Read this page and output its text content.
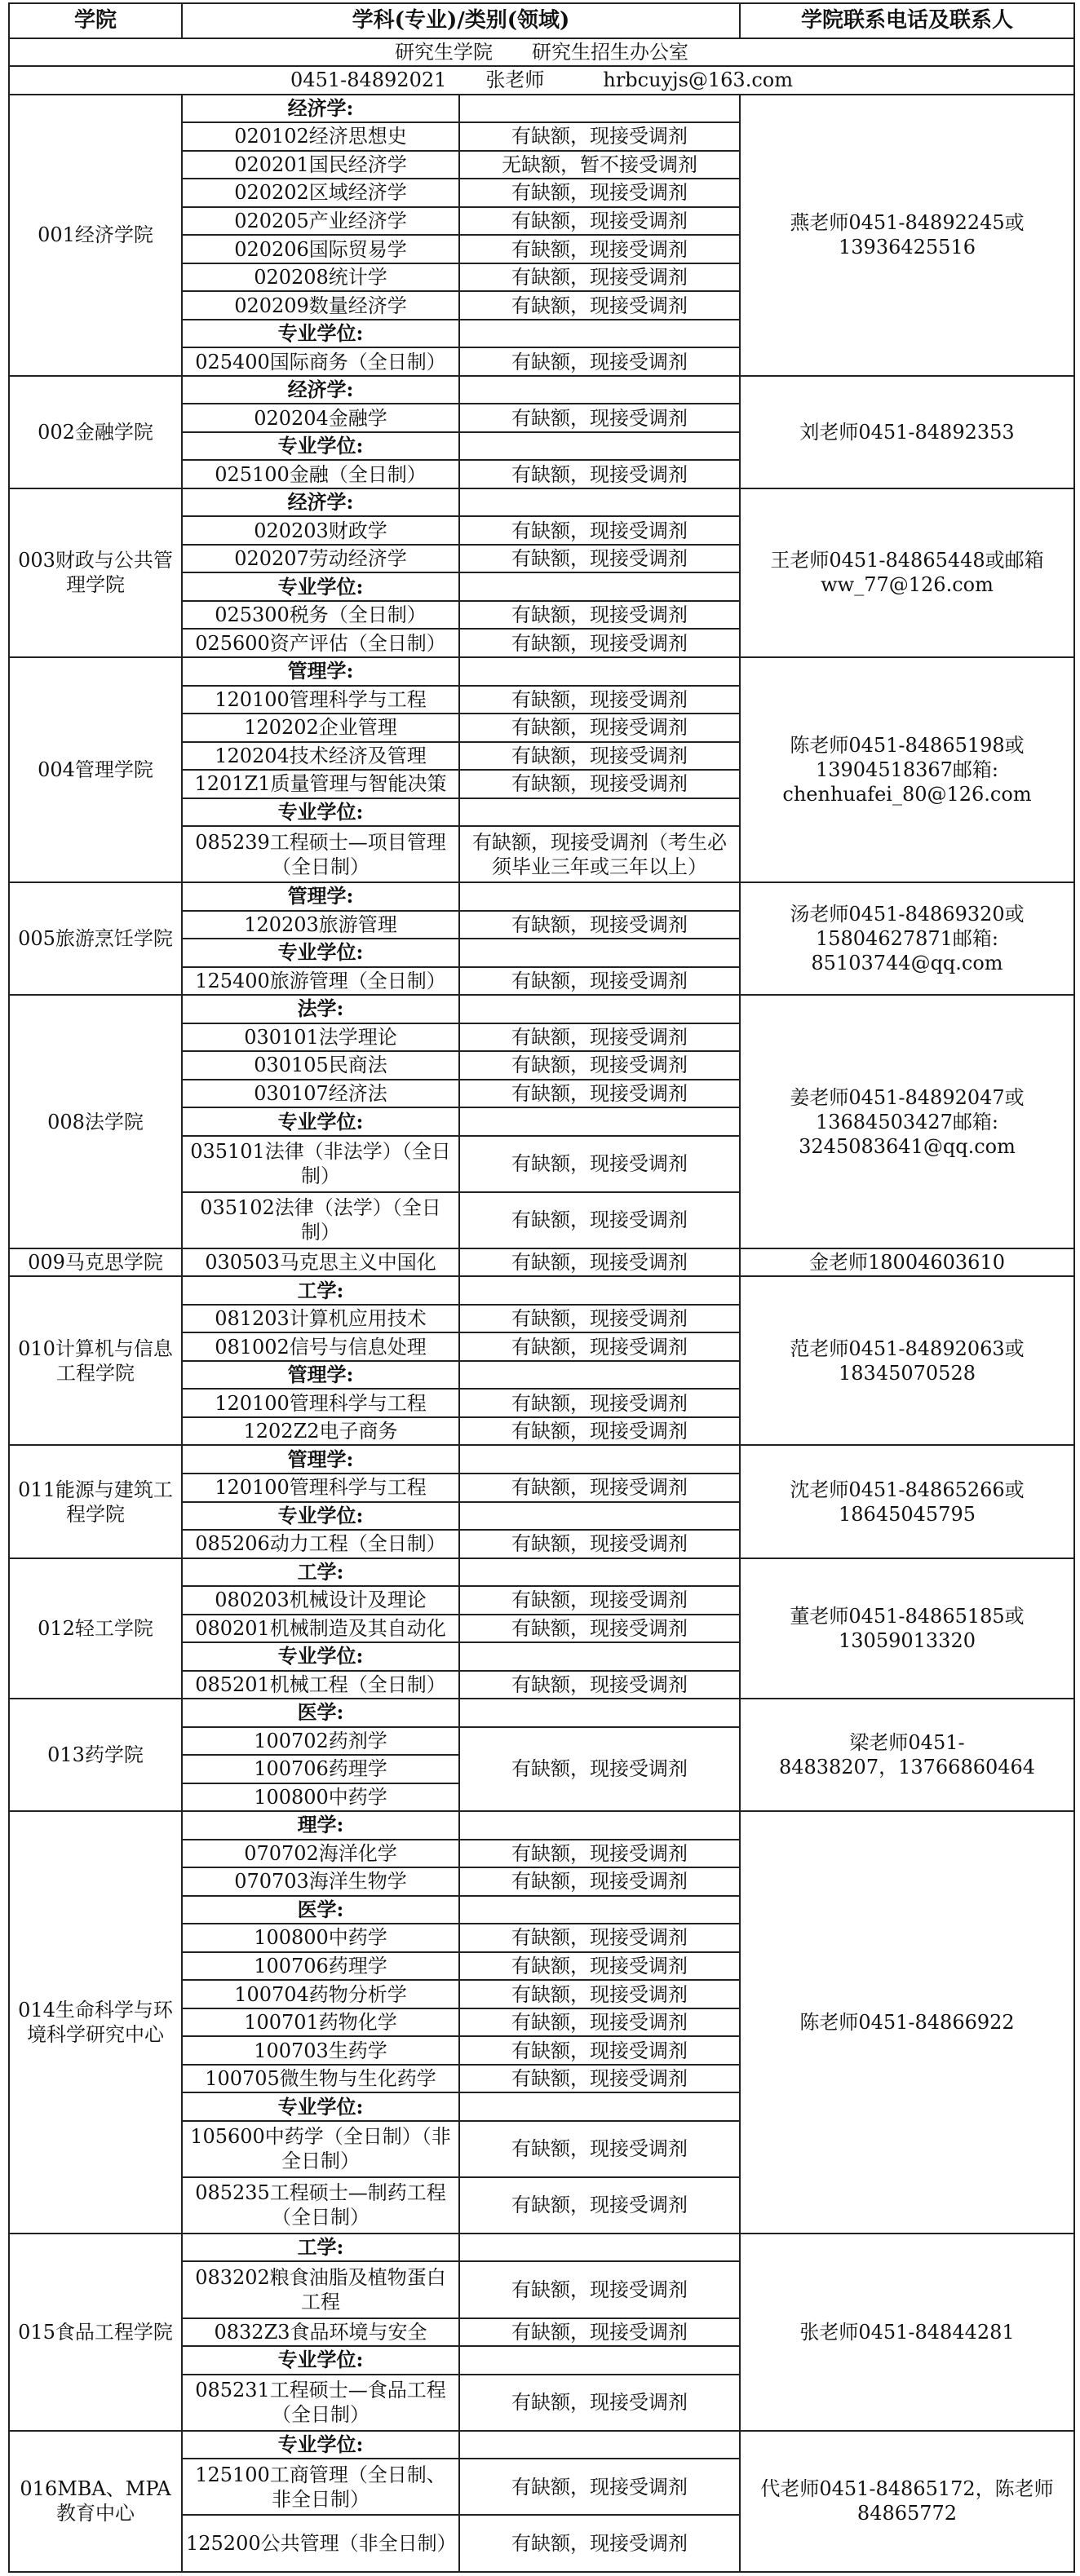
学院	学科(专业)/类别(领域)		学院联系电话及联系人
研究生学院　　研究生招生办公室			
0451-84892021　　张老师　　　hrbcuyjs@163.com			
001经济学院	经济学:		燕老师0451-84892245或
13936425516

	020102经济思想史	有缺额，现接受调剂	
	020201国民经济学	无缺额，暂不接受调剂	
	020202区域经济学	有缺额，现接受调剂	
	020205产业经济学	有缺额，现接受调剂	
	020206国际贸易学	有缺额，现接受调剂	
	020208统计学	有缺额，现接受调剂	
	020209数量经济学	有缺额，现接受调剂	
	专业学位:		
	025400国际商务（全日制）	有缺额，现接受调剂	
002金融学院	经济学:		刘老师0451-84892353

	020204金融学	有缺额，现接受调剂	
	专业学位:		
	025100金融（全日制）	有缺额，现接受调剂	
003财政与公共管理学院	经济学:		王老师0451-84865448或邮箱
ww_77@126.com

	020203财政学	有缺额，现接受调剂	
	020207劳动经济学	有缺额，现接受调剂	
	专业学位:		
	025300税务（全日制）	有缺额，现接受调剂	
	025600资产评估（全日制）	有缺额，现接受调剂	
004管理学院	管理学:		陈老师0451-84865198或
13904518367邮箱:
chenhuafei_80@126.com

	120100管理科学与工程	有缺额，现接受调剂	
	120202企业管理	有缺额，现接受调剂	
	120204技术经济及管理	有缺额，现接受调剂	
	1201Z1质量管理与智能决策	有缺额，现接受调剂	
	专业学位:		
	085239工程硕士—项目管理（全日制）	有缺额，现接受调剂（考生必须毕业三年或三年以上）	
005旅游烹饪学院	管理学:		汤老师0451-84869320或
15804627871邮箱:
85103744@qq.com

	120203旅游管理	有缺额，现接受调剂	
	专业学位:		
	125400旅游管理（全日制）	有缺额，现接受调剂	
008法学院	法学:		姜老师0451-84892047或
13684503427邮箱:
3245083641@qq.com

	030101法学理论	有缺额，现接受调剂	
	030105民商法	有缺额，现接受调剂	
	030107经济法	有缺额，现接受调剂	
	专业学位:		
	035101法律（非法学）（全日制）	有缺额，现接受调剂	
	035102法律（法学）（全日制）	有缺额，现接受调剂	
009马克思学院	030503马克思主义中国化	有缺额，现接受调剂	金老师18004603610

010计算机与信息工程学院	工学:		范老师0451-84892063或
18345070528

	081203计算机应用技术	有缺额，现接受调剂	
	081002信号与信息处理	有缺额，现接受调剂	
	管理学:		
	120100管理科学与工程	有缺额，现接受调剂	
	1202Z2电子商务	有缺额，现接受调剂	
011能源与建筑工程学院	管理学:		沈老师0451-84865266或
18645045795

	120100管理科学与工程	有缺额，现接受调剂	
	专业学位:		
	085206动力工程（全日制）	有缺额，现接受调剂	
012轻工学院	工学:		董老师0451-84865185或
13059013320

	080203机械设计及理论	有缺额，现接受调剂	
	080201机械制造及其自动化	有缺额，现接受调剂	
	专业学位:		
	085201机械工程（全日制）	有缺额，现接受调剂	
013药学院	医学:		梁老师0451-
84838207，13766860464

	100702药剂学	有缺额，现接受调剂	
	100706药理学		
	100800中药学		
014生命科学与环境科学研究中心	理学:		陈老师0451-84866922

	070702海洋化学	有缺额，现接受调剂	
	070703海洋生物学	有缺额，现接受调剂	
	医学:		
	100800中药学	有缺额，现接受调剂	
	100706药理学	有缺额，现接受调剂	
	100704药物分析学	有缺额，现接受调剂	
	100701药物化学	有缺额，现接受调剂	
	100703生药学	有缺额，现接受调剂	
	100705微生物与生化药学	有缺额，现接受调剂	
	专业学位:		
	105600中药学（全日制）（非全日制）	有缺额，现接受调剂	
	085235工程硕士—制药工程（全日制）	有缺额，现接受调剂	
015食品工程学院	工学:		张老师0451-84844281

	083202粮食油脂及植物蛋白工程	有缺额，现接受调剂	
	0832Z3食品环境与安全	有缺额，现接受调剂	
	专业学位:		
	085231工程硕士—食品工程（全日制）	有缺额，现接受调剂	
016MBA、MPA教育中心	专业学位:		代老师0451-84865172，陈老师
84865772

	125100工商管理（全日制、非全日制）	有缺额，现接受调剂	
	125200公共管理（非全日制）	有缺额，现接受调剂	
